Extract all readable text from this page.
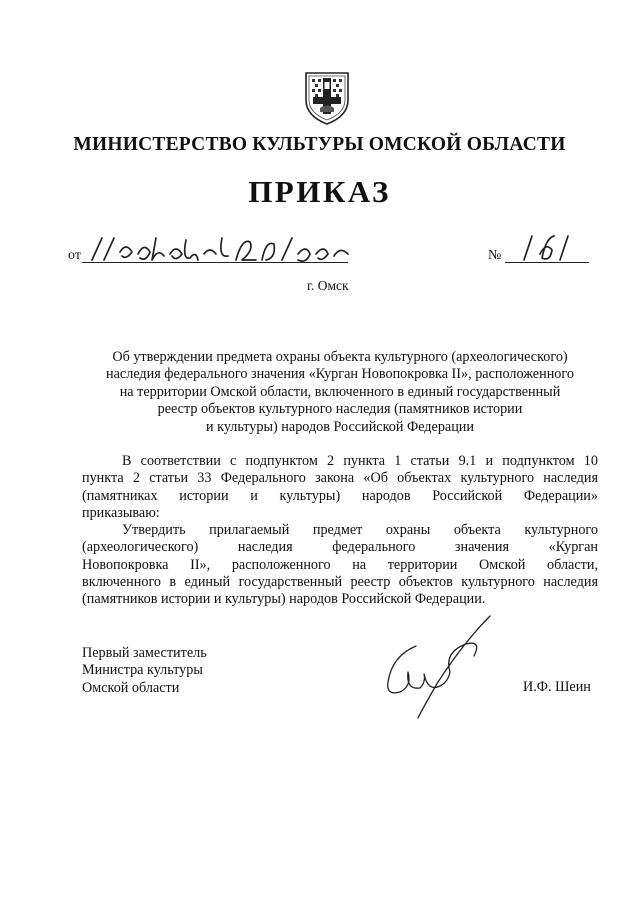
МИНИСТЕРСТВО КУЛЬТУРЫ ОМСКОЙ ОБЛАСТИ
ПРИКАЗ
от	№
г. Омск
Об утверждении предмета охраны объекта культурного (археологического)
наследия федерального значения «Курган Новопокровка II», расположенного
на территории Омской области, включенного в единый государственный
реестр объектов культурного наследия (памятников истории
и культуры) народов Российской Федерации
В соответствии с подпунктом 2 пункта 1 статьи 9.1 и подпунктом 10
пункта 2 статьи 33 Федерального закона «Об объектах культурного наследия
(памятниках истории и культуры) народов Российской Федерации»
приказываю:
Утвердить прилагаемый предмет охраны объекта культурного
(археологического) наследия федерального значения «Курган
Новопокровка II», расположенного на территории Омской области,
включенного в единый государственный реестр объектов культурного наследия
(памятников истории и культуры) народов Российской Федерации.
Первый заместитель
Министра культуры
Омской области	И.Ф. Шеин
